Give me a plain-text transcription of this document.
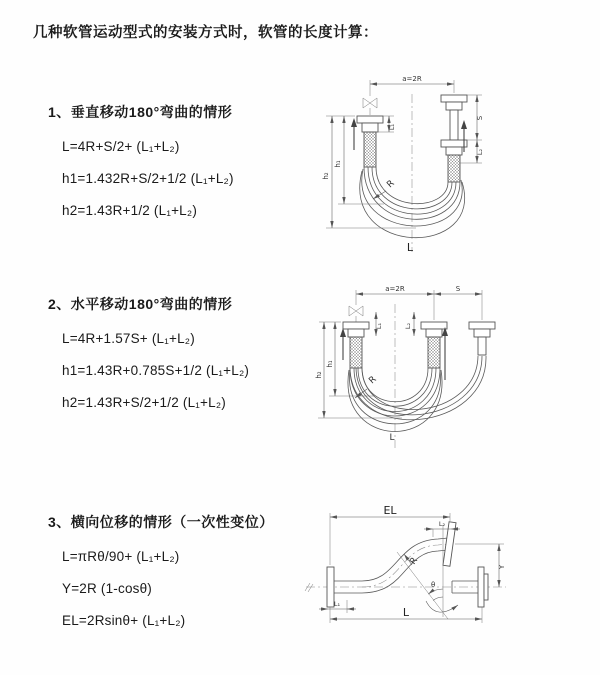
几种软管运动型式的安装方式时，软管的长度计算：
1、垂直移动180°弯曲的情形
L=4R+S/2+ (L₁+L₂)
h1=1.432R+S/2+1/2 (L₁+L₂)
h2=1.43R+1/2 (L₁+L₂)
2、水平移动180°弯曲的情形
L=4R+1.57S+ (L₁+L₂)
h1=1.43R+0.785S+1/2 (L₁+L₂)
h2=1.43R+S/2+1/2 (L₁+L₂)
3、横向位移的情形（一次性变位）
L=πRθ/90+ (L₁+L₂)
Y=2R (1-cosθ)
EL=2Rsinθ+ (L₁+L₂)
a=2R
h₂
h₁
L₁
S
L₂
R
L
a=2R	S
L₁	L₂
h₂
h₁
R
L
EL
L₂
θ
Y
R
L₁
L
